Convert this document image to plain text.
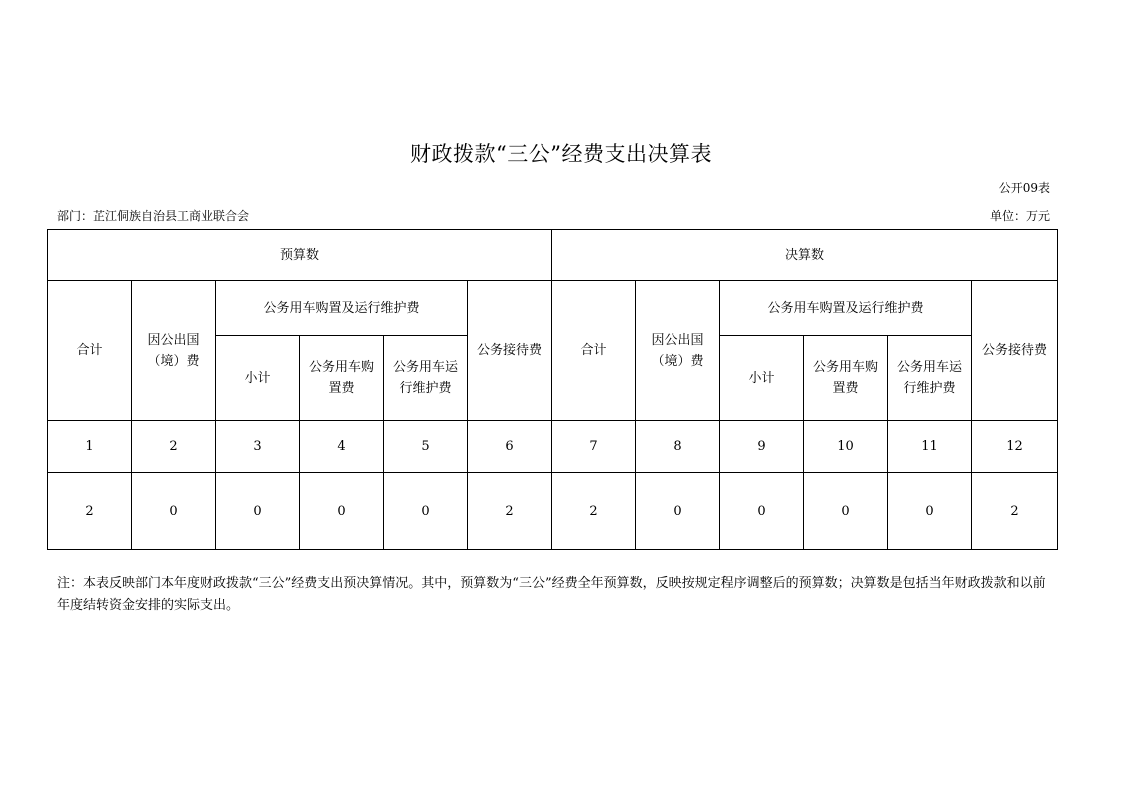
财政拨款“三公”经费支出决算表
公开09表
部门：芷江侗族自治县工商业联合会	单位：万元
预算数						决算数					
合计	因公出国（境）费	公务用车购置及运行维护费			公务接待费	合计	因公出国（境）费	公务用车购置及运行维护费			公务接待费
		小计	公务用车购置费	公务用车运行维护费				小计	公务用车购置费	公务用车运行维护费	
1	2	3	4	5	6	7	8	9	10	11	12
2	0	0	0	0	2	2	0	0	0	0	2
注：本表反映部门本年度财政拨款“三公”经费支出预决算情况。其中，预算数为“三公”经费全年预算数，反映按规定程序调整后的预算数；决算数是包括当年财政拨款和以前年度结转资金安排的实际支出。
